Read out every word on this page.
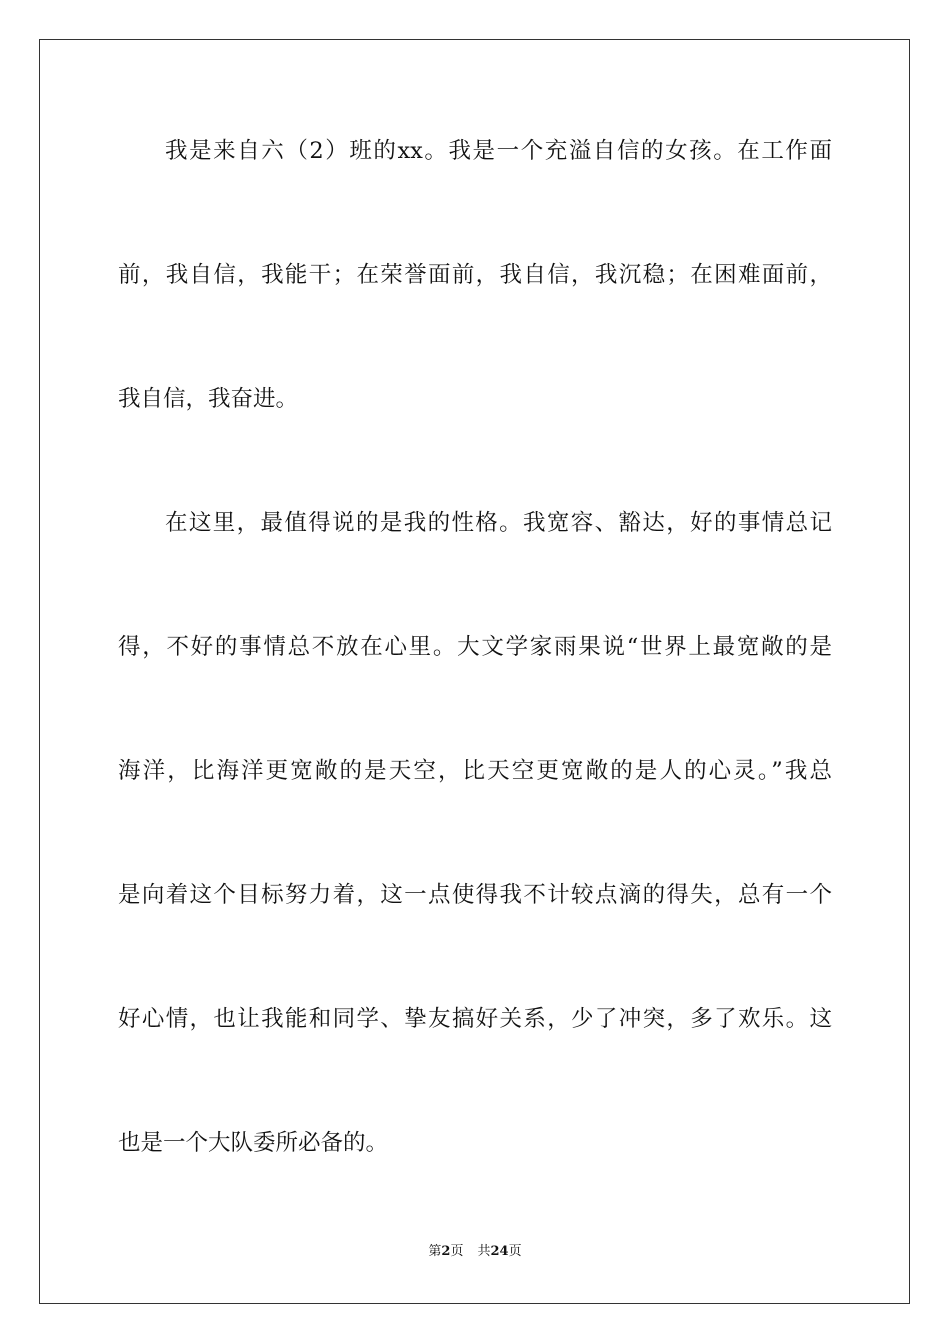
我是来自六（2）班的xx。我是一个充溢自信的女孩。在工作面
前，我自信，我能干；在荣誉面前，我自信，我沉稳；在困难面前，
我自信，我奋进。
在这里，最值得说的是我的性格。我宽容、豁达，好的事情总记
得，不好的事情总不放在心里。大文学家雨果说“世界上最宽敞的是
海洋，比海洋更宽敞的是天空，比天空更宽敞的是人的心灵。”我总
是向着这个目标努力着，这一点使得我不计较点滴的得失，总有一个
好心情，也让我能和同学、挚友搞好关系，少了冲突，多了欢乐。这
也是一个大队委所必备的。
第2页 共24页
